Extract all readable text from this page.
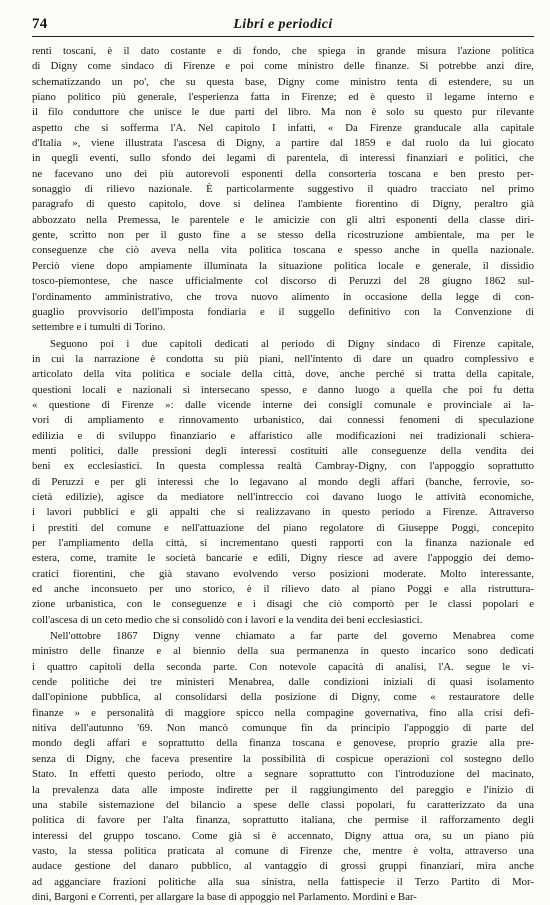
74	Libri e periodici
renti toscani, è il dato costante e di fondo, che spiega in grande misura l'azione politica
di Digny come sindaco di Firenze e poi come ministro delle finanze. Si potrebbe anzi dire,
schematizzando un po', che su questa base, Digny come ministro tenta di estendere, su un
piano politico più generale, l'esperienza fatta in Firenze; ed è questo il legame interno e
il filo conduttore che unisce le due parti del libro. Ma non è solo su questo pur rilevante
aspetto che si sofferma l'A. Nel capitolo I infatti, « Da Firenze granducale alla capitale
d'Italia », viene illustrata l'ascesa di Digny, a partire dal 1859 e dal ruolo da lui giocato
in quegli eventi, sullo sfondo dei legami di parentela, di interessi finanziari e politici, che
ne facevano uno dei più autorevoli esponenti della consorteria toscana e ben presto per-
sonaggio di rilievo nazionale. È particolarmente suggestivo il quadro tracciato nel primo
paragrafo di questo capitolo, dove si delinea l'ambiente fiorentino di Digny, peraltro già
abbozzato nella Premessa, le parentele e le amicizie con gli altri esponenti della classe diri-
gente, scritto non per il gusto fine a se stesso della ricostruzione ambientale, ma per le
conseguenze che ciò aveva nella vita politica toscana e spesso anche in quella nazionale.
Perciò viene dopo ampiamente illuminata la situazione politica locale e generale, il dissidio
tosco-piemontese, che nasce ufficialmente col discorso di Peruzzi del 28 giugno 1862 sul-
l'ordinamento amministrativo, che trova nuovo alimento in occasione della legge di con-
guaglio provvisorio dell'imposta fondiaria e il suggello definitivo con la Convenzione di
settembre e i tumulti di Torino.
Seguono poi i due capitoli dedicati al periodo di Digny sindaco di Firenze capitale,
in cui la narrazione è condotta su più piani, nell'intento di dare un quadro complessivo e
articolato della vita politica e sociale della città, dove, anche perché si tratta della capitale,
questioni locali e nazionali si intersecano spesso, e danno luogo a quella che poi fu detta
« questione di Firenze »: dalle vicende interne dei consigli comunale e provinciale ai la-
vori di ampliamento e rinnovamento urbanistico, dai connessi fenomeni di speculazione
edilizia e di sviluppo finanziario e affaristico alle modificazioni nei tradizionali schiera-
menti politici, dalle pressioni degli interessi costituiti alle conseguenze della vendita dei
beni ex ecclesiastici. In questa complessa realtà Cambray-Digny, con l'appoggio soprattutto
di Peruzzi e per gli interessi che lo legavano al mondo degli affari (banche, ferrovie, so-
cietà edilizie), agisce da mediatore nell'intreccio coi davano luogo le attività economiche,
i lavori pubblici e gli appalti che si realizzavano in questo periodo a Firenze. Attraverso
i prestiti del comune e nell'attuazione del piano regolatore di Giuseppe Poggi, concepito
per l'ampliamento della città, si incrementano questi rapporti con la finanza nazionale ed
estera, come, tramite le società bancarie e edili, Digny riesce ad avere l'appoggio dei demo-
cratici fiorentini, che già stavano evolvendo verso posizioni moderate. Molto interessante,
ed anche inconsueto per uno storico, è il rilievo dato al piano Poggi e alla ristruttura-
zione urbanistica, con le conseguenze e i disagi che ciò comportò per le classi popolari e
coll'ascesa di un ceto medio che si consolidò con i lavori e la vendita dei beni ecclesiastici.
Nell'ottobre 1867 Digny venne chiamato a far parte del governo Menabrea come
ministro delle finanze e al biennio della sua permanenza in questo incarico sono dedicati
i quattro capitoli della seconda parte. Con notevole capacità di analisi, l'A. segue le vi-
cende politiche dei tre ministeri Menabrea, dalle condizioni iniziali di quasi isolamento
dall'opinione pubblica, al consolidarsi della posizione di Digny, come « restauratore delle
finanze » e personalità di maggiore spicco nella compagine governativa, fino alla crisi defi-
nitiva dell'autunno '69. Non mancò comunque fin da principio l'appoggio di parte del
mondo degli affari e soprattutto della finanza toscana e genovese, proprio grazie alla pre-
senza di Digny, che faceva presentire la possibilità di cospicue operazioni col sostegno dello
Stato. In effetti questo periodo, oltre a segnare soprattutto con l'introduzione del macinato,
la prevalenza data alle imposte indirette per il raggiungimento del pareggio e l'inizio di
una stabile sistemazione del bilancio a spese delle classi popolari, fu caratterizzato da una
politica di favore per l'alta finanza, soprattutto italiana, che permise il rafforzamento degli
interessi del gruppo toscano. Come già si è accennato, Digny attua ora, su un piano più
vasto, la stessa politica praticata al comune di Firenze che, mentre è volta, attraverso una
audace gestione del danaro pubblico, al vantaggio di grossi gruppi finanziari, mira anche
ad agganciare frazioni politiche alla sua sinistra, nella fattispecie il Terzo Partito di Mor-
dini, Bargoni e Correnti, per allargare la base di appoggio nel Parlamento. Mordini e Bar-
